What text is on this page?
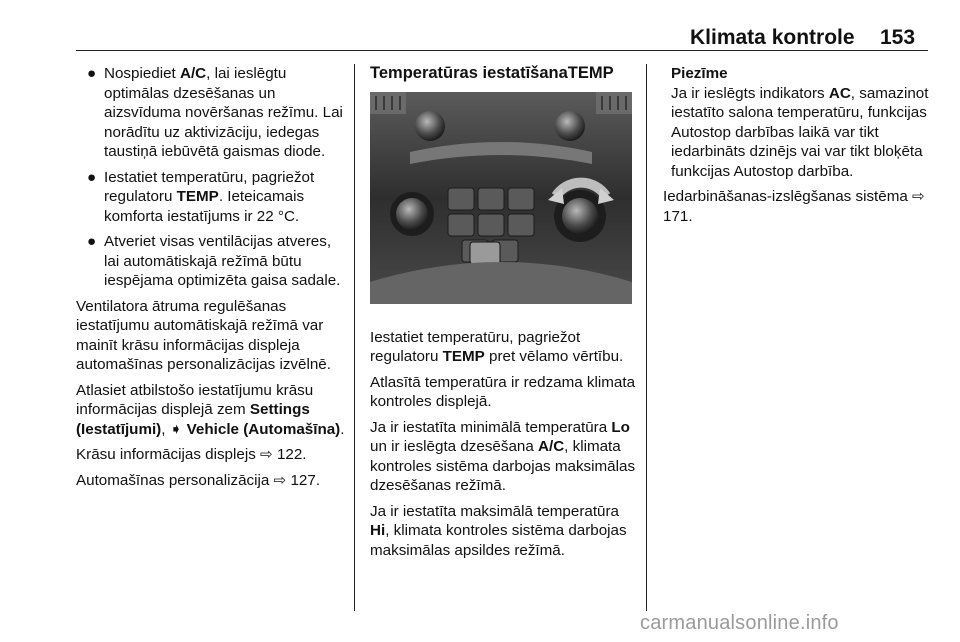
Klimata kontrole 153
● Nospiediet A/C, lai ieslēgtu optimālas dzesēšanas un aizsvīduma novēršanas režīmu. Lai norādītu uz aktivizāciju, iedegas taustiņā iebūvētā gaismas diode.
● Iestatiet temperatūru, pagriežot regulatoru TEMP. Ieteicamais komforta iestatījums ir 22 °C.
● Atveriet visas ventilācijas atveres, lai automātiskajā režīmā būtu iespējama optimizēta gaisa sadale.

Ventilatora ātruma regulēšanas iestatījumu automātiskajā režīmā var mainīt krāsu informācijas displeja automašīnas personalizācijas izvēlnē.

Atlasiet atbilstošo iestatījumu krāsu informācijas displejā zem Settings (Iestatījumi), ➧ Vehicle (Automašīna).

Krāsu informācijas displejs ⇨ 122.

Automašīnas personalizācija ⇨ 127.

Temperatūras iestatīšanaTEMP

Iestatiet temperatūru, pagriežot regulatoru TEMP pret vēlamo vērtību.

Atlasītā temperatūra ir redzama klimata kontroles displejā.

Ja ir iestatīta minimālā temperatūra Lo un ir ieslēgta dzesēšana A/C, klimata kontroles sistēma darbojas maksimālas dzesēšanas režīmā.

Ja ir iestatīta maksimālā temperatūra Hi, klimata kontroles sistēma darbojas maksimālas apsildes režīmā.

Piezīme
Ja ir ieslēgts indikators AC, samazinot iestatīto salona temperatūru, funkcijas Autostop darbības laikā var tikt iedarbināts dzinējs vai var tikt bloķēta funkcijas Autostop darbība.

Iedarbināšanas-izslēgšanas sistēma ⇨ 171.

carmanualsonline.info
